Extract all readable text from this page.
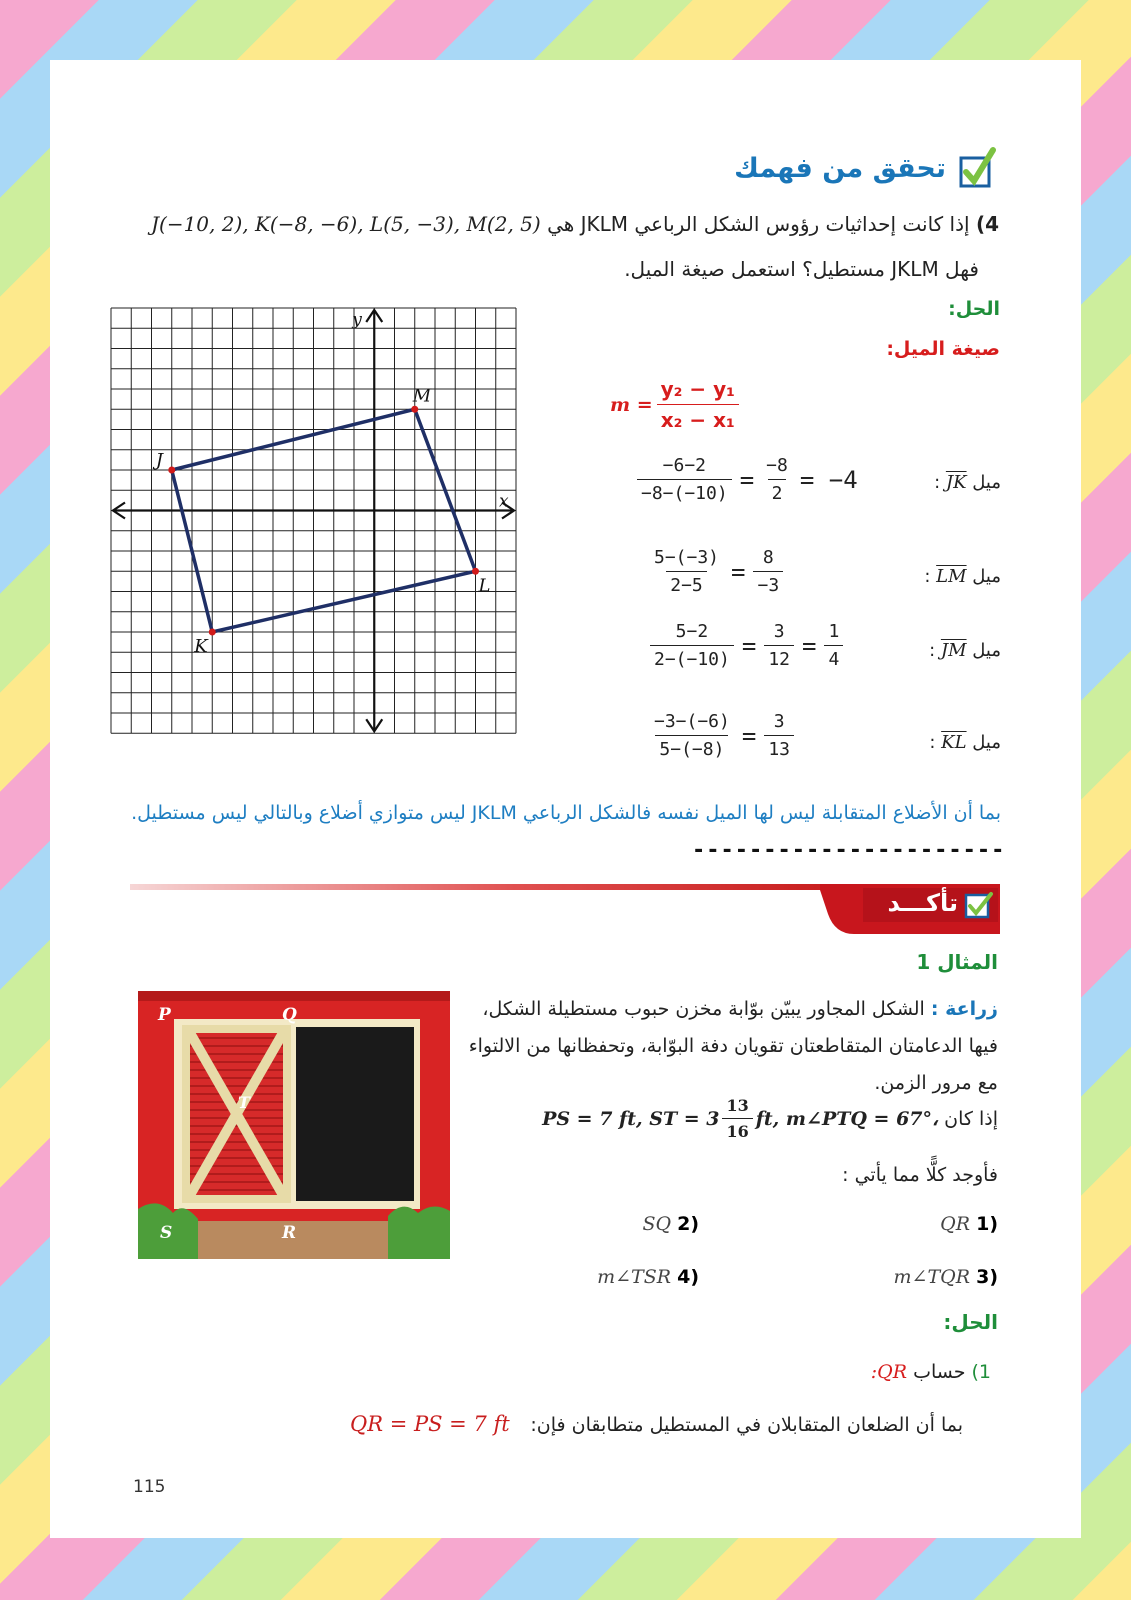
تحقق من فهمك
4) إذا كانت إحداثيات رؤوس الشكل الرباعي JKLM هي J(−10, 2), K(−8, −6), L(5, −3), M(2, 5)
فهل JKLM مستطيل؟ استعمل صيغة الميل.
الحل:
صيغة الميل:
$m = \frac{\text{y₂ − y₁}}{\text{x₂ − x₁}}$
ميل $\overline{JK}$ :
$\frac{-6-2}{-8-(-10)} = \frac{-8}{2} = -4$
ميل $\overline{LM}$ :
$\frac{5-(-3)}{2-5} = \frac{8}{-3}$
ميل $\overline{JM}$ :
$\frac{5-2}{2-(-10)} = \frac{3}{12} = \frac{1}{4}$
ميل $\overline{KL}$ :
$\frac{-3-(-6)}{5-(-8)} = \frac{3}{13}$
y
x
J
K
L
M
بما أن الأضلاع المتقابلة ليس لها الميل نفسه فالشكل الرباعي JKLM ليس متوازي أضلاع وبالتالي ليس مستطيل.
----------------------
تأكـــد
المثال 1
P	Q
T
S	R
زراعة : الشكل المجاور يبيّن بوّابة مخزن حبوب مستطيلة الشكل،
فيها الدعامتان المتقاطعتان تقويان دفة البوّابة، وتحفظانها من الالتواء
مع مرور الزمن.
إذا كان
PS = 7 ft, ST = $3 \frac{13}{16}$ ft, m∠PTQ = 67°،
فأوجد كلًّا مما يأتي :
(1 QR
(2 SQ
(3 m∠TQR
(4 m∠TSR
الحل:
1) حساب QR:
بما أن الضلعان المتقابلان في المستطيل متطابقان فإن:
QR = PS = 7 ft
115
